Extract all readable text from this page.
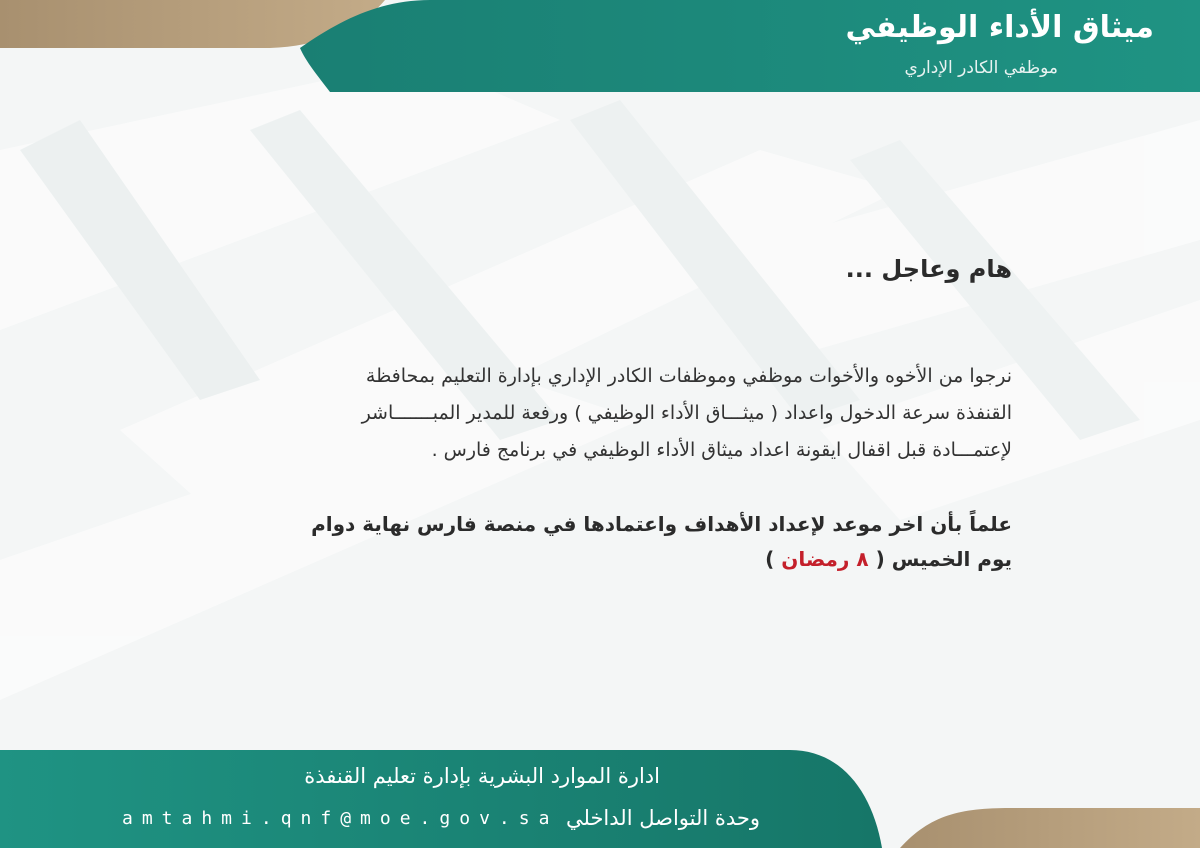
ميثاق الأداء الوظيفي
موظفي الكادر الإداري
هام وعاجل ...
نرجوا من الأخوه والأخوات موظفي وموظفات الكادر الإداري بإدارة التعليم بمحافظة
القنفذة سرعة الدخول واعداد ( ميثـــاق الأداء الوظيفي ) ورفعة للمدير المبـــــــاشر
لإعتمـــادة قبل اقفال ايقونة اعداد ميثاق الأداء الوظيفي في برنامج فارس .
علماً بأن اخر موعد لإعداد الأهداف واعتمادها في منصة فارس نهاية دوام
يوم الخميس ( ٨ رمضان )
ادارة الموارد البشرية بإدارة تعليم القنفذة
وحدة التواصل الداخلي
amtahmi.qnf@moe.gov.sa
